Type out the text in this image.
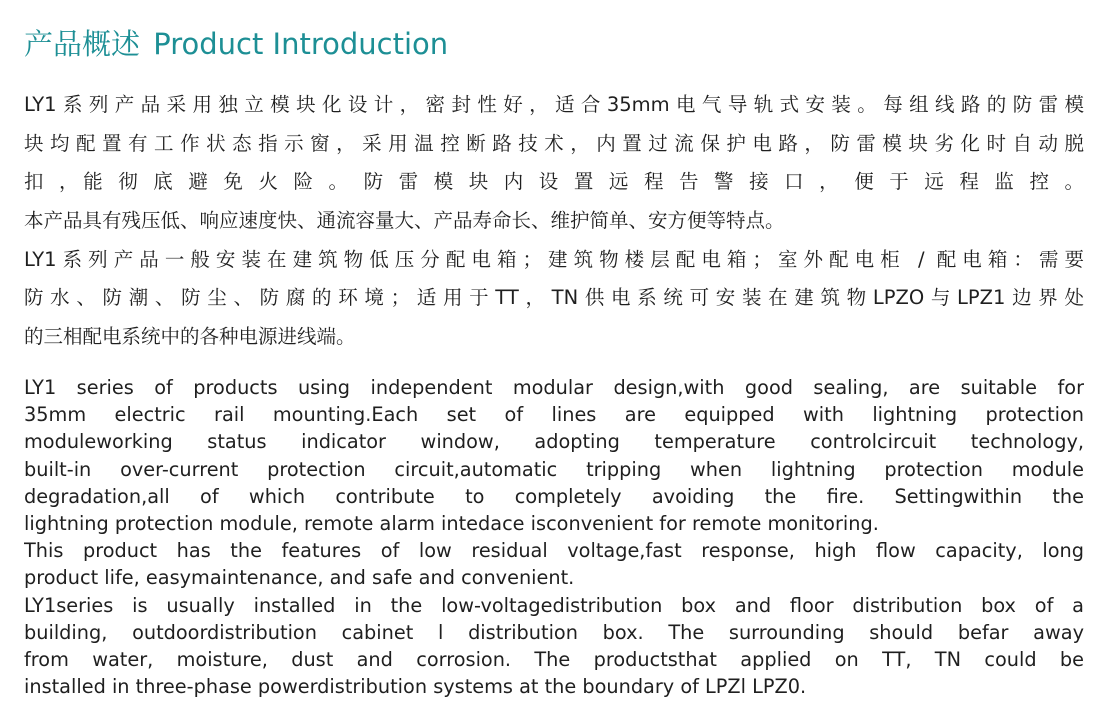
产品概述 Product Introduction
LY1系列产品采用独立模块化设计，密封性好，适合35mm电气导轨式安装。每组线路的防雷模
块均配置有工作状态指示窗，采用温控断路技术，内置过流保护电路，防雷模块劣化时自动脱
扣 ，能 彻 底 避 免 火 险 。 防 雷 模 块 内 设 置 远 程 告 警 接 口 ， 便 于 远 程 监 控 。
本产品具有残压低、响应速度快、通流容量大、产品寿命长、维护简单、安方便等特点。
LY1系列产品一般安装在建筑物低压分配电箱；建筑物楼层配电箱；室外配电柜 / 配电箱：需要
防水、防潮、防尘、防腐的环境；适用于TT，TN供电系统可安装在建筑物LPZO与LPZ1边界处
的三相配电系统中的各种电源进线端。
LY1 series of products using independent modular design,with good sealing, are suitable for
35mm electric rail mounting.Each set of lines are equipped with lightning protection
moduleworking status indicator window, adopting temperature controlcircuit technology,
built-in over-current protection circuit,automatic tripping when lightning protection module
degradation,all of which contribute to completely avoiding the fire. Settingwithin the
lightning protection module, remote alarm intedace isconvenient for remote monitoring.
This product has the features of low residual voltage,fast response, high flow capacity, long
product life, easymaintenance, and safe and convenient.
LY1series is usually installed in the low-voltagedistribution box and floor distribution box of a
building, outdoordistribution cabinet l distribution box. The surrounding should befar away
from water, moisture, dust and corrosion. The productsthat applied on TT, TN could be
installed in three-phase powerdistribution systems at the boundary of LPZl LPZ0.
